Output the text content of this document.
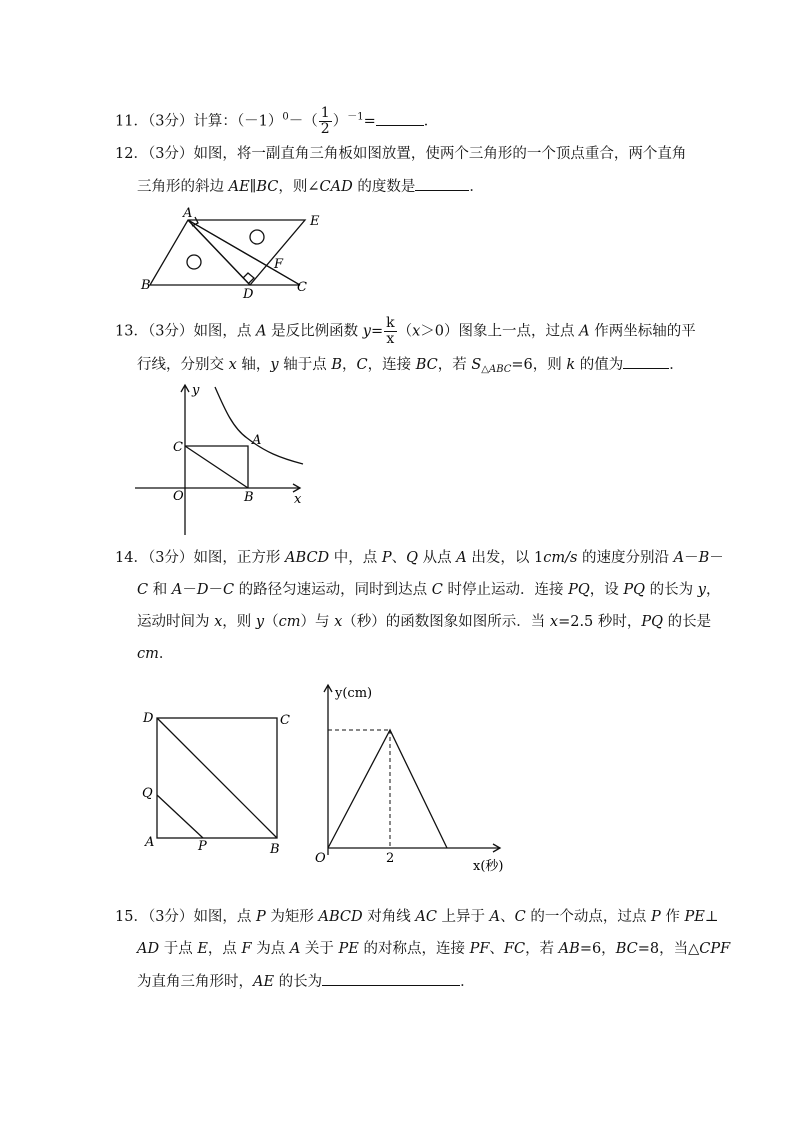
11．（3分）计算：$(-1)^0-( \frac{1}{2} )^{-1}=$	．
12．（3分）如图，将一副直角三角板如图放置，使两个三角形的一个顶点重合，两个直角
三角形的斜边 AE∥BC，则∠CAD 的度数是	．
A
E
B
D	C
F
13．（3分）如图，点 A 是反比例函数 $y= \frac{k}{x} (x>0)$图象上一点，过点 A 作两坐标轴的平
行线，分别交 x 轴，y 轴于点 B，C，连接 BC，若 $S_{\triangle ABC}=6$，则 k 的值为	．
y
x
O
C	A
B
14．（3分）如图，正方形 ABCD 中，点 P、Q 从点 A 出发，以 1cm/s 的速度分别沿 A－B－
C 和 A－D－C 的路径匀速运动，同时到达点 C 时停止运动．连接 PQ，设 PQ 的长为 y，
运动时间为 x，则 y（cm）与 x（秒）的函数图象如图所示．当 x=2.5 秒时，PQ 的长是
cm．
D	C
Q
A	P	B
y(cm)
O	2
x(秒)
15．（3分）如图，点 P 为矩形 ABCD 对角线 AC 上异于 A、C 的一个动点，过点 P 作 PE⊥
AD 于点 E，点 F 为点 A 关于 PE 的对称点，连接 PF、FC，若 AB=6，BC=8，当△CPF
为直角三角形时，AE 的长为	．
